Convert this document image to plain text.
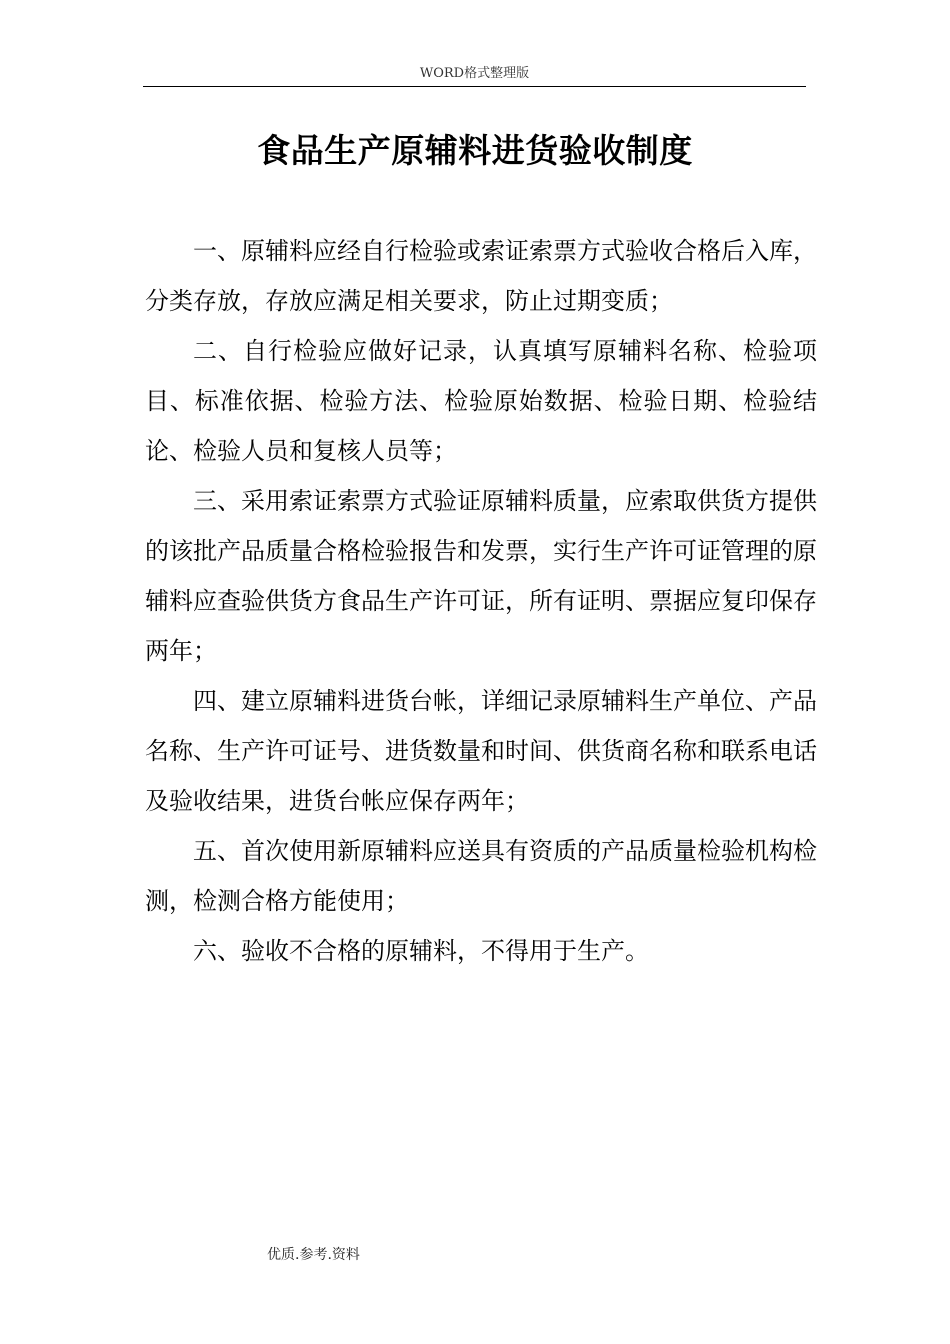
WORD格式整理版
食品生产原辅料进货验收制度

一、原辅料应经自行检验或索证索票方式验收合格后入库，分类存放，存放应满足相关要求，防止过期变质；

二、自行检验应做好记录，认真填写原辅料名称、检验项目、标准依据、检验方法、检验原始数据、检验日期、检验结论、检验人员和复核人员等；

三、采用索证索票方式验证原辅料质量，应索取供货方提供的该批产品质量合格检验报告和发票，实行生产许可证管理的原辅料应查验供货方食品生产许可证，所有证明、票据应复印保存两年；

四、建立原辅料进货台帐，详细记录原辅料生产单位、产品名称、生产许可证号、进货数量和时间、供货商名称和联系电话及验收结果，进货台帐应保存两年；

五、首次使用新原辅料应送具有资质的产品质量检验机构检测，检测合格方能使用；

六、验收不合格的原辅料，不得用于生产。

优质.参考.资料
